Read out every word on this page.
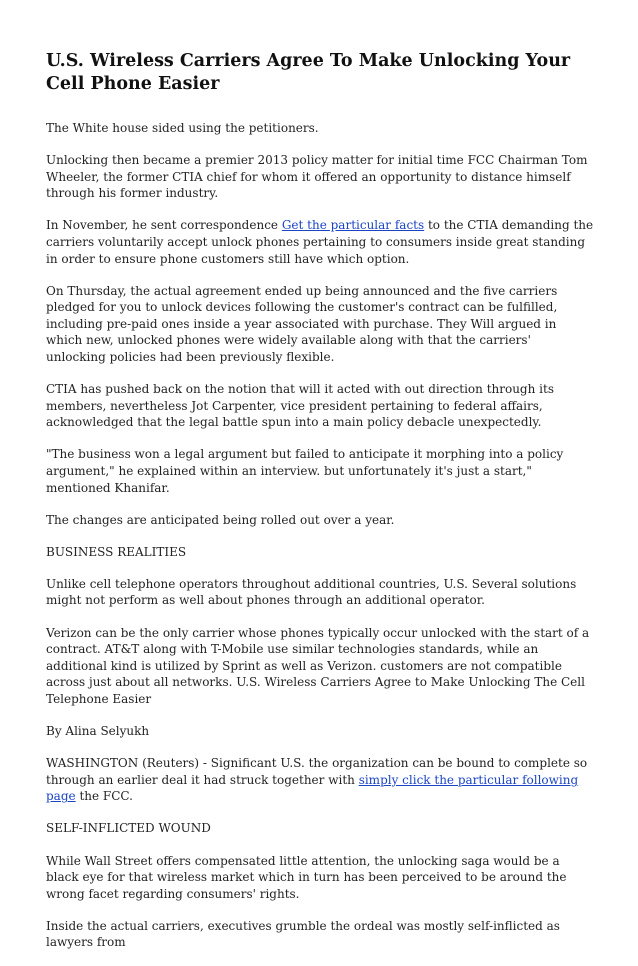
U.S. Wireless Carriers Agree To Make Unlocking Your Cell Phone Easier

The White house sided using the petitioners.

Unlocking then became a premier 2013 policy matter for initial time FCC Chairman Tom Wheeler, the former CTIA chief for whom it offered an opportunity to distance himself through his former industry.

In November, he sent correspondence Get the particular facts to the CTIA demanding the carriers voluntarily accept unlock phones pertaining to consumers inside great standing in order to ensure phone customers still have which option.

On Thursday, the actual agreement ended up being announced and the five carriers pledged for you to unlock devices following the customer's contract can be fulfilled, including pre-paid ones inside a year associated with purchase. They Will argued in which new, unlocked phones were widely available along with that the carriers' unlocking policies had been previously flexible.

CTIA has pushed back on the notion that will it acted with out direction through its members, nevertheless Jot Carpenter, vice president pertaining to federal affairs, acknowledged that the legal battle spun into a main policy debacle unexpectedly.

"The business won a legal argument but failed to anticipate it morphing into a policy argument," he explained within an interview. but unfortunately it's just a start," mentioned Khanifar.

The changes are anticipated being rolled out over a year.

BUSINESS REALITIES

Unlike cell telephone operators throughout additional countries, U.S. Several solutions might not perform as well about phones through an additional operator.

Verizon can be the only carrier whose phones typically occur unlocked with the start of a contract. AT&T along with T-Mobile use similar technologies standards, while an additional kind is utilized by Sprint as well as Verizon. customers are not compatible across just about all networks. U.S. Wireless Carriers Agree to Make Unlocking The Cell Telephone Easier

By Alina Selyukh

WASHINGTON (Reuters) - Significant U.S. the organization can be bound to complete so through an earlier deal it had struck together with simply click the particular following page the FCC.

SELF-INFLICTED WOUND

While Wall Street offers compensated little attention, the unlocking saga would be a black eye for that wireless market which in turn has been perceived to be around the wrong facet regarding consumers' rights.

Inside the actual carriers, executives grumble the ordeal was mostly self-inflicted as lawyers from
